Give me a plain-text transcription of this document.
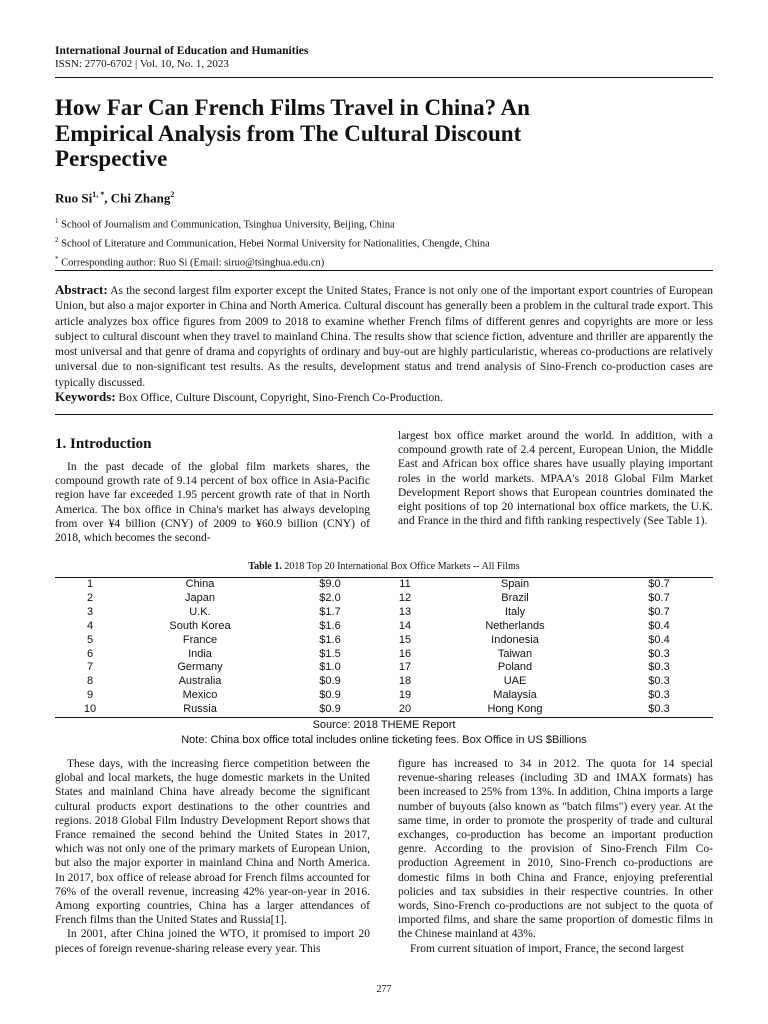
International Journal of Education and Humanities
ISSN: 2770-6702 | Vol. 10, No. 1, 2023
How Far Can French Films Travel in China? An
Empirical Analysis from The Cultural Discount
Perspective
Ruo $Si^{1, *}$, Chi Zhang$^2$
$^1$ School of Journalism and Communication, Tsinghua University, Beijing, China
$^2$ School of Literature and Communication, Hebei Normal University for Nationalities, Chengde, China
* Corresponding author: Ruo Si (Email: siruo@tsinghua.edu.cn)
Abstract: As the second largest film exporter except the United States, France is not only one of the important export countries of European Union, but also a major exporter in China and North America. Cultural discount has generally been a problem in the cultural trade export. This article analyzes box office figures from 2009 to 2018 to examine whether French films of different genres and copyrights are more or less subject to cultural discount when they travel to mainland China. The results show that science fiction, adventure and thriller are apparently the most universal and that genre of drama and copyrights of ordinary and buy-out are highly particularistic, whereas co-productions are relatively universal due to non-significant test results. As the results, development status and trend analysis of Sino-French co-production cases are typically discussed.
Keywords: Box Office, Culture Discount, Copyright, Sino-French Co-Production.
1. Introduction

In the past decade of the global film markets shares, the compound growth rate of 9.14 percent of box office in Asia-Pacific region have far exceeded 1.95 percent growth rate of that in North America. The box office in China's market has always developing from over ¥4 billion (CNY) of 2009 to ¥60.9 billion (CNY) of 2018, which becomes the second-

largest box office market around the world. In addition, with a compound growth rate of 2.4 percent, European Union, the Middle East and African box office shares have usually playing important roles in the world markets. MPAA's 2018 Global Film Market Development Report shows that European countries dominated the eight positions of top 20 international box office markets, the U.K. and France in the third and fifth ranking respectively (See Table 1).

Table 1. 2018 Top 20 International Box Office Markets -- All Films
1	China	$9.0	11	Spain	$0.7
2	Japan	$2.0	12	Brazil	$0.7
3	U.K.	$1.7	13	Italy	$0.7
4	South Korea	$1.6	14	Netherlands	$0.4
5	France	$1.6	15	Indonesia	$0.4
6	India	$1.5	16	Taiwan	$0.3
7	Germany	$1.0	17	Poland	$0.3
8	Australia	$0.9	18	UAE	$0.3
9	Mexico	$0.9	19	Malaysia	$0.3
10	Russia	$0.9	20	Hong Kong	$0.3
Source: 2018 THEME Report
Note: China box office total includes online ticketing fees. Box Office in US $Billions

These days, with the increasing fierce competition between the global and local markets, the huge domestic markets in the United States and mainland China have already become the significant cultural products export destinations to the other countries and regions. 2018 Global Film Industry Development Report shows that France remained the second behind the United States in 2017, which was not only one of the primary markets of European Union, but also the major exporter in mainland China and North America. In 2017, box office of release abroad for French films accounted for 76% of the overall revenue, increasing 42% year-on-year in 2016. Among exporting countries, China has a larger attendances of French films than the United States and Russia[1].

In 2001, after China joined the WTO, it promised to import 20 pieces of foreign revenue-sharing release every year. This

figure has increased to 34 in 2012. The quota for 14 special revenue-sharing releases (including 3D and IMAX formats) has been increased to 25% from 13%. In addition, China imports a large number of buyouts (also known as "batch films") every year. At the same time, in order to promote the prosperity of trade and cultural exchanges, co-production has become an important production genre. According to the provision of Sino-French Film Co-production Agreement in 2010, Sino-French co-productions are domestic films in both China and France, enjoying preferential policies and tax subsidies in their respective countries. In other words, Sino-French co-productions are not subject to the quota of imported films, and share the same proportion of domestic films in the Chinese mainland at 43%.

From current situation of import, France, the second largest

277
